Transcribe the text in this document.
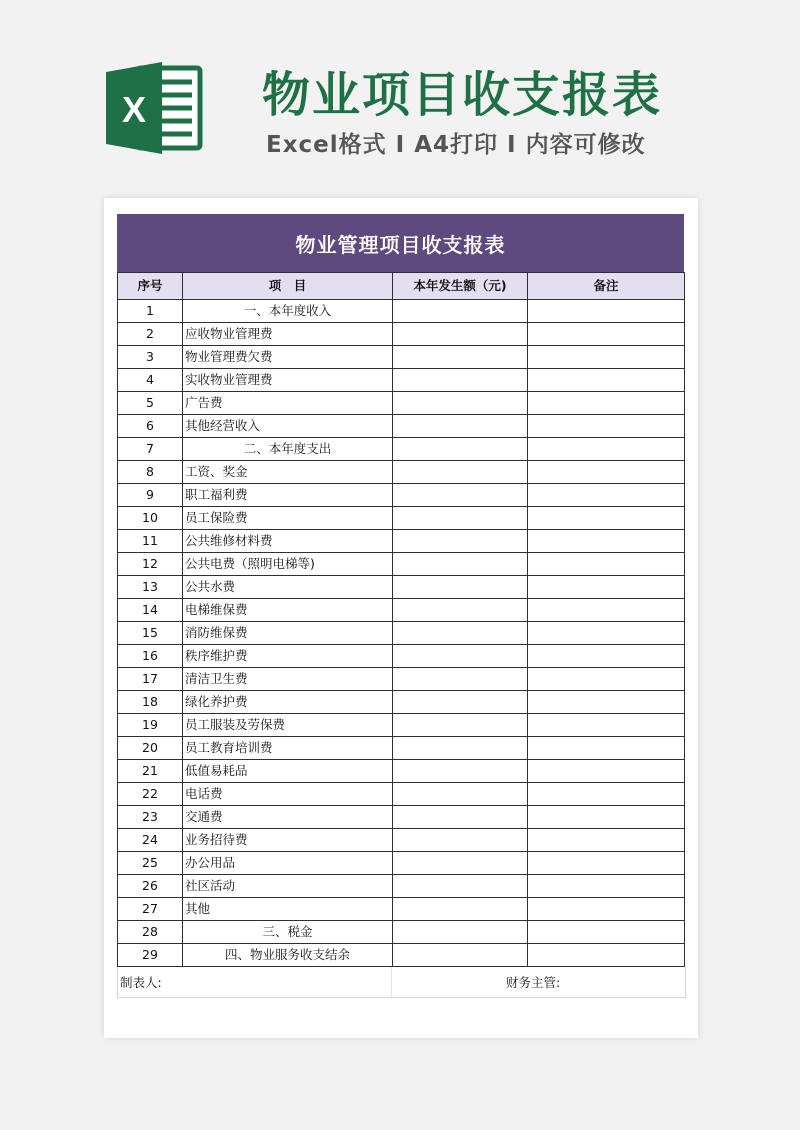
X 物业项目收支报表
Excel格式 I A4打印 I 内容可修改
物业管理项目收支报表
序号	项　目	本年发生额（元)	备注
1	一、本年度收入		
2	应收物业管理费		
3	物业管理费欠费		
4	实收物业管理费		
5	广告费		
6	其他经营收入		
7	二、本年度支出		
8	工资、奖金		
9	职工福利费		
10	员工保险费		
11	公共维修材料费		
12	公共电费（照明电梯等)		
13	公共水费		
14	电梯维保费		
15	消防维保费		
16	秩序维护费		
17	清洁卫生费		
18	绿化养护费		
19	员工服装及劳保费		
20	员工教育培训费		
21	低值易耗品		
22	电话费		
23	交通费		
24	业务招待费		
25	办公用品		
26	社区活动		
27	其他		
28	三、税金		
29	四、物业服务收支结余		
制表人:	财务主管:
